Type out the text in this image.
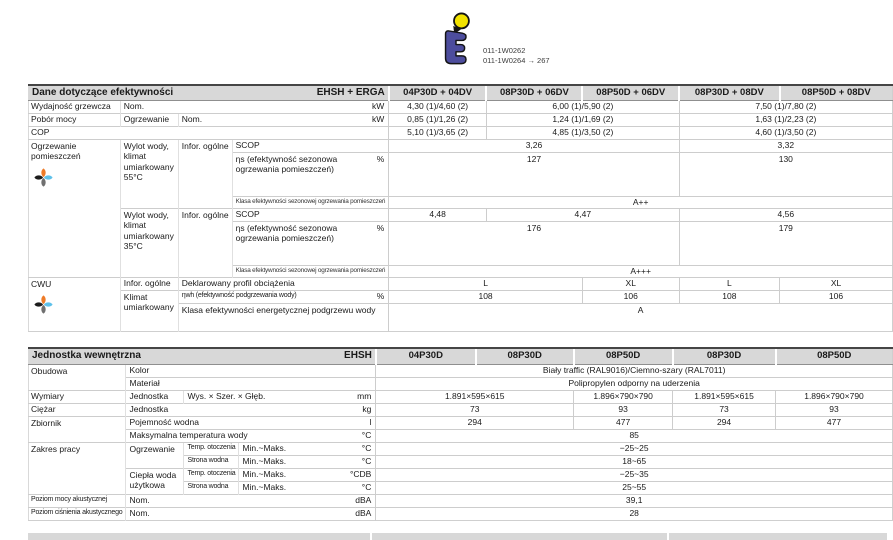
011-1W0262
011-1W0264 → 267
Dane dotyczące efektywności		EHSH + ERGA			04P30D + 04DV	08P30D + 06DV	08P50D + 06DV	08P30D + 08DV	08P50D + 08DV
Wydajność grzewcza	Nom.			kW	4,30 (1)/4,60 (2)	6,00 (1)/5,90 (2)		7,50 (1)/7,80 (2)	
Pobór mocy	Ogrzewanie	Nom.		kW	0,85 (1)/1,26 (2)	1,24 (1)/1,69 (2)		1,63 (1)/2,23 (2)	
COP					5,10 (1)/3,65 (2)	4,85 (1)/3,50 (2)		4,60 (1)/3,50 (2)	
Ogrzewanie pomieszczeń	Wylot wody, klimat umiarkowany 55°C	Infor. ogólne	SCOP		3,26			3,32	
			ηs (efektywność sezonowa ogrzewania pomieszczeń)	%	127			130	
			Klasa efektywności sezonowej ogrzewania pomieszczeń		A++				
	Wylot wody, klimat umiarkowany 35°C	Infor. ogólne	SCOP		4,48	4,47		4,56	
			ηs (efektywność sezonowa ogrzewania pomieszczeń)	%	176			179	
			Klasa efektywności sezonowej ogrzewania pomieszczeń		A+++				
CWU	Infor. ogólne	Deklarowany profil obciążenia			L		XL	L	XL
	Klimat umiarkowany	ηwh (efektywność podgrzewania wody)		%	108		106	108	106
		Klasa efektywności energetycznej podgrzewu wody			A				
Jednostka wewnętrzna		EHSH			04P30D	08P30D	08P50D	08P30D	08P50D
Obudowa	Kolor				Biały traffic (RAL9016)/Ciemno-szary (RAL7011)				
	Materiał				Polipropylen odporny na uderzenia				
Wymiary	Jednostka	Wys. × Szer. × Głęb.		mm	1.891×595×615		1.896×790×790	1.891×595×615	1.896×790×790
Ciężar	Jednostka			kg	73		93	73	93
Zbiornik	Pojemność wodna			l	294		477	294	477
	Maksymalna temperatura wody			°C	85				
Zakres pracy	Ogrzewanie	Temp. otoczenia	Min.~Maks.	°C	−25~25				
		Strona wodna	Min.~Maks.	°C	18~65				
	Ciepła woda użytkowa	Temp. otoczenia	Min.~Maks.	°CDB	−25~35				
		Strona wodna	Min.~Maks.	°C	25~55				
Poziom mocy akustycznej	Nom.			dBA	39,1				
Poziom ciśnienia akustycznego	Nom.			dBA	28				
